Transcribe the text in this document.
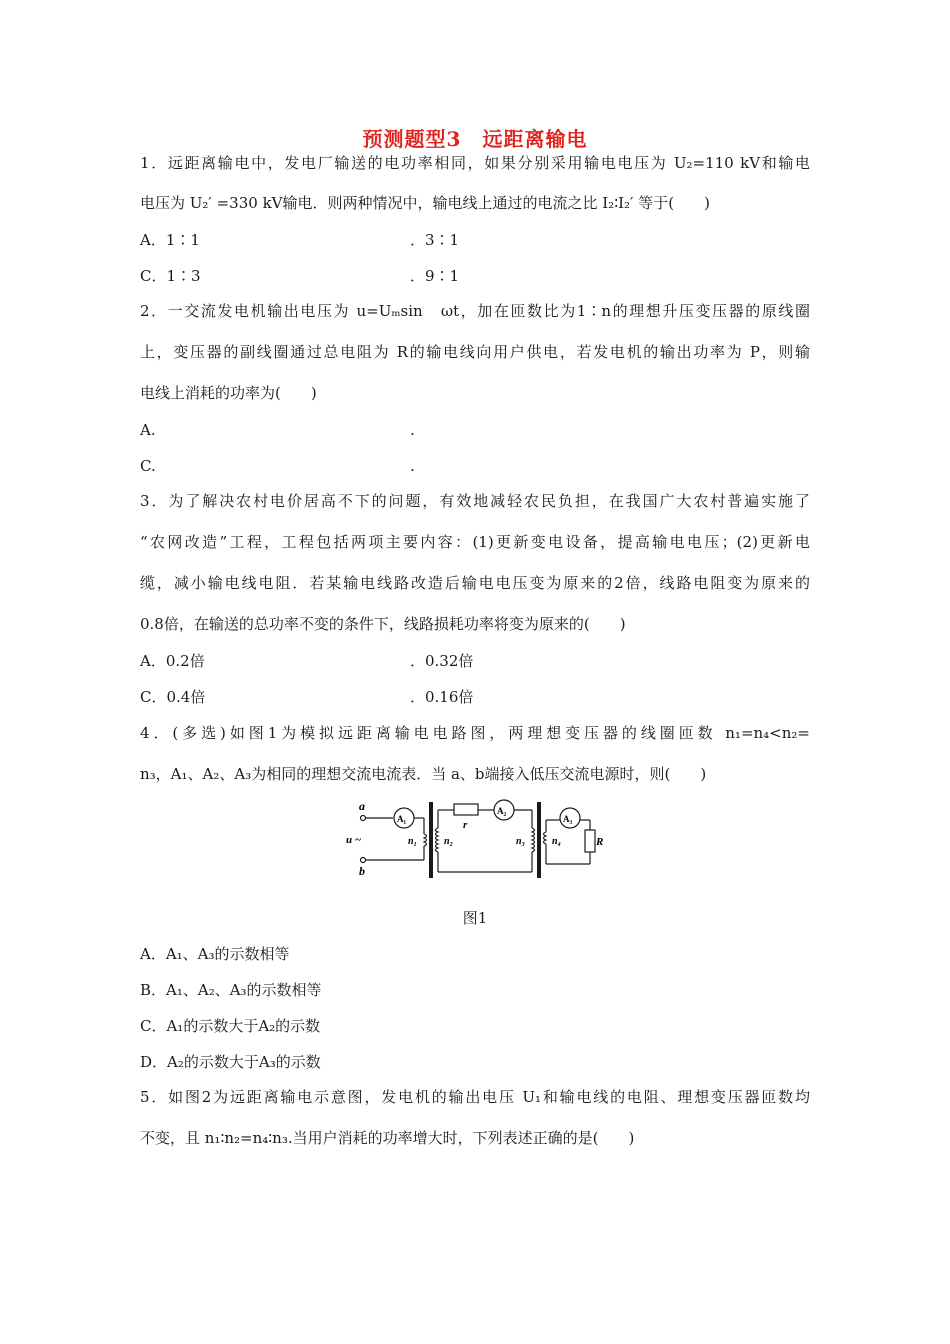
预测题型3　远距离输电
1．远距离输电中，发电厂输送的电功率相同，如果分别采用输电电压为 U₂=110 kV和输电
电压为 U₂′ =330 kV输电．则两种情况中，输电线上通过的电流之比 I₂∶I₂′ 等于(　　)
A．1∶1	．3∶1
C．1∶3	．9∶1
2．一交流发电机输出电压为 u=Uₘsin　ωt，加在匝数比为1∶n的理想升压变压器的原线圈
上，变压器的副线圈通过总电阻为 R的输电线向用户供电，若发电机的输出功率为 P，则输
电线上消耗的功率为(　　)
A.	.
C.	.
3．为了解决农村电价居高不下的问题，有效地减轻农民负担，在我国广大农村普遍实施了
“农网改造”工程，工程包括两项主要内容：(1)更新变电设备，提高输电电压；(2)更新电
缆，减小输电线电阻．若某输电线路改造后输电电压变为原来的2倍，线路电阻变为原来的
0.8倍，在输送的总功率不变的条件下，线路损耗功率将变为原来的(　　)
A．0.2倍	．0.32倍
C．0.4倍	．0.16倍
4．(多选)如图1为模拟远距离输电电路图，两理想变压器的线圈匝数 n₁=n₄<n₂=
n₃，A₁、A₂、A₃为相同的理想交流电流表．当 a、b端接入低压交流电源时，则(　　)
a
b
u ~
A₁
A₂
A₃
r
R
n₁	n₂	n₃	n₄
图1
A．A₁、A₃的示数相等
B．A₁、A₂、A₃的示数相等
C．A₁的示数大于A₂的示数
D．A₂的示数大于A₃的示数
5．如图2为远距离输电示意图，发电机的输出电压 U₁和输电线的电阻、理想变压器匝数均
不变，且 n₁∶n₂=n₄∶n₃.当用户消耗的功率增大时，下列表述正确的是(　　)
